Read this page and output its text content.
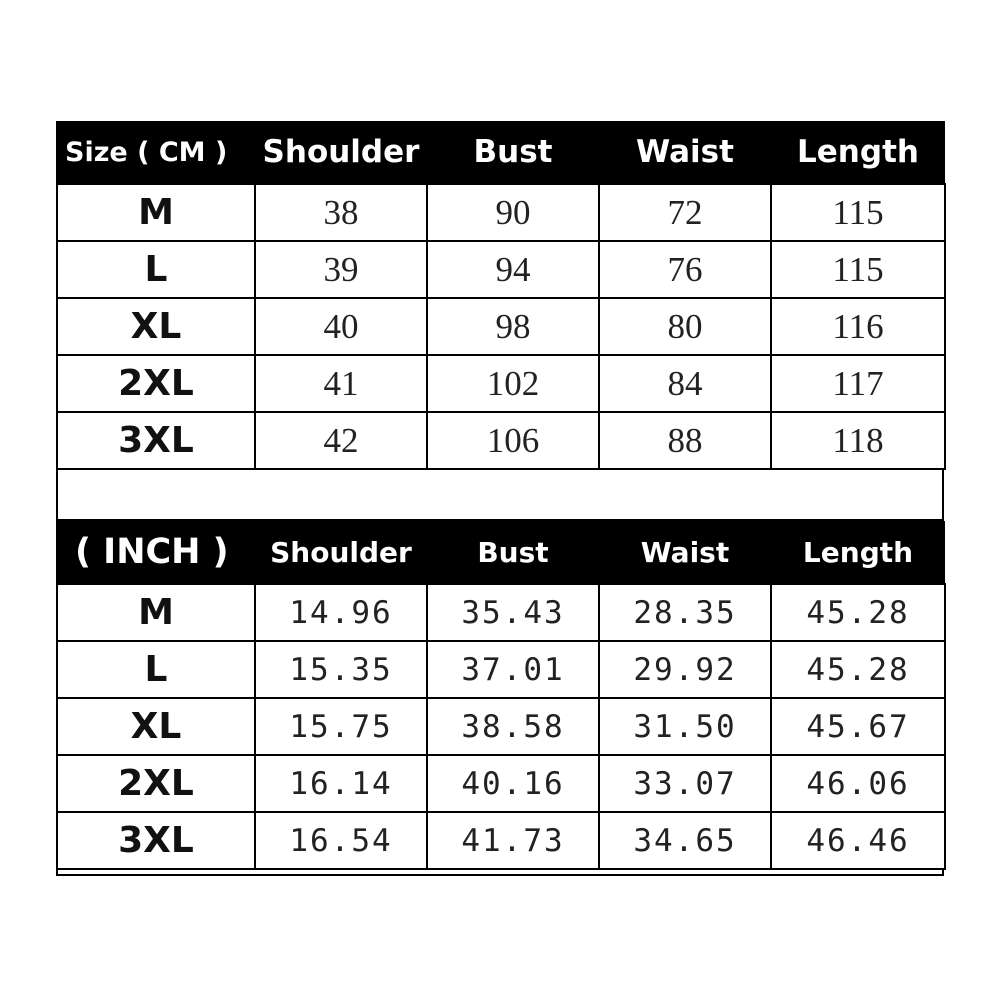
Size ( CM )	Shoulder	Bust	Waist	Length
M	38	90	72	115
L	39	94	76	115
XL	40	98	80	116
2XL	41	102	84	117
3XL	42	106	88	118
( INCH )	Shoulder	Bust	Waist	Length
M	14.96	35.43	28.35	45.28
L	15.35	37.01	29.92	45.28
XL	15.75	38.58	31.50	45.67
2XL	16.14	40.16	33.07	46.06
3XL	16.54	41.73	34.65	46.46
